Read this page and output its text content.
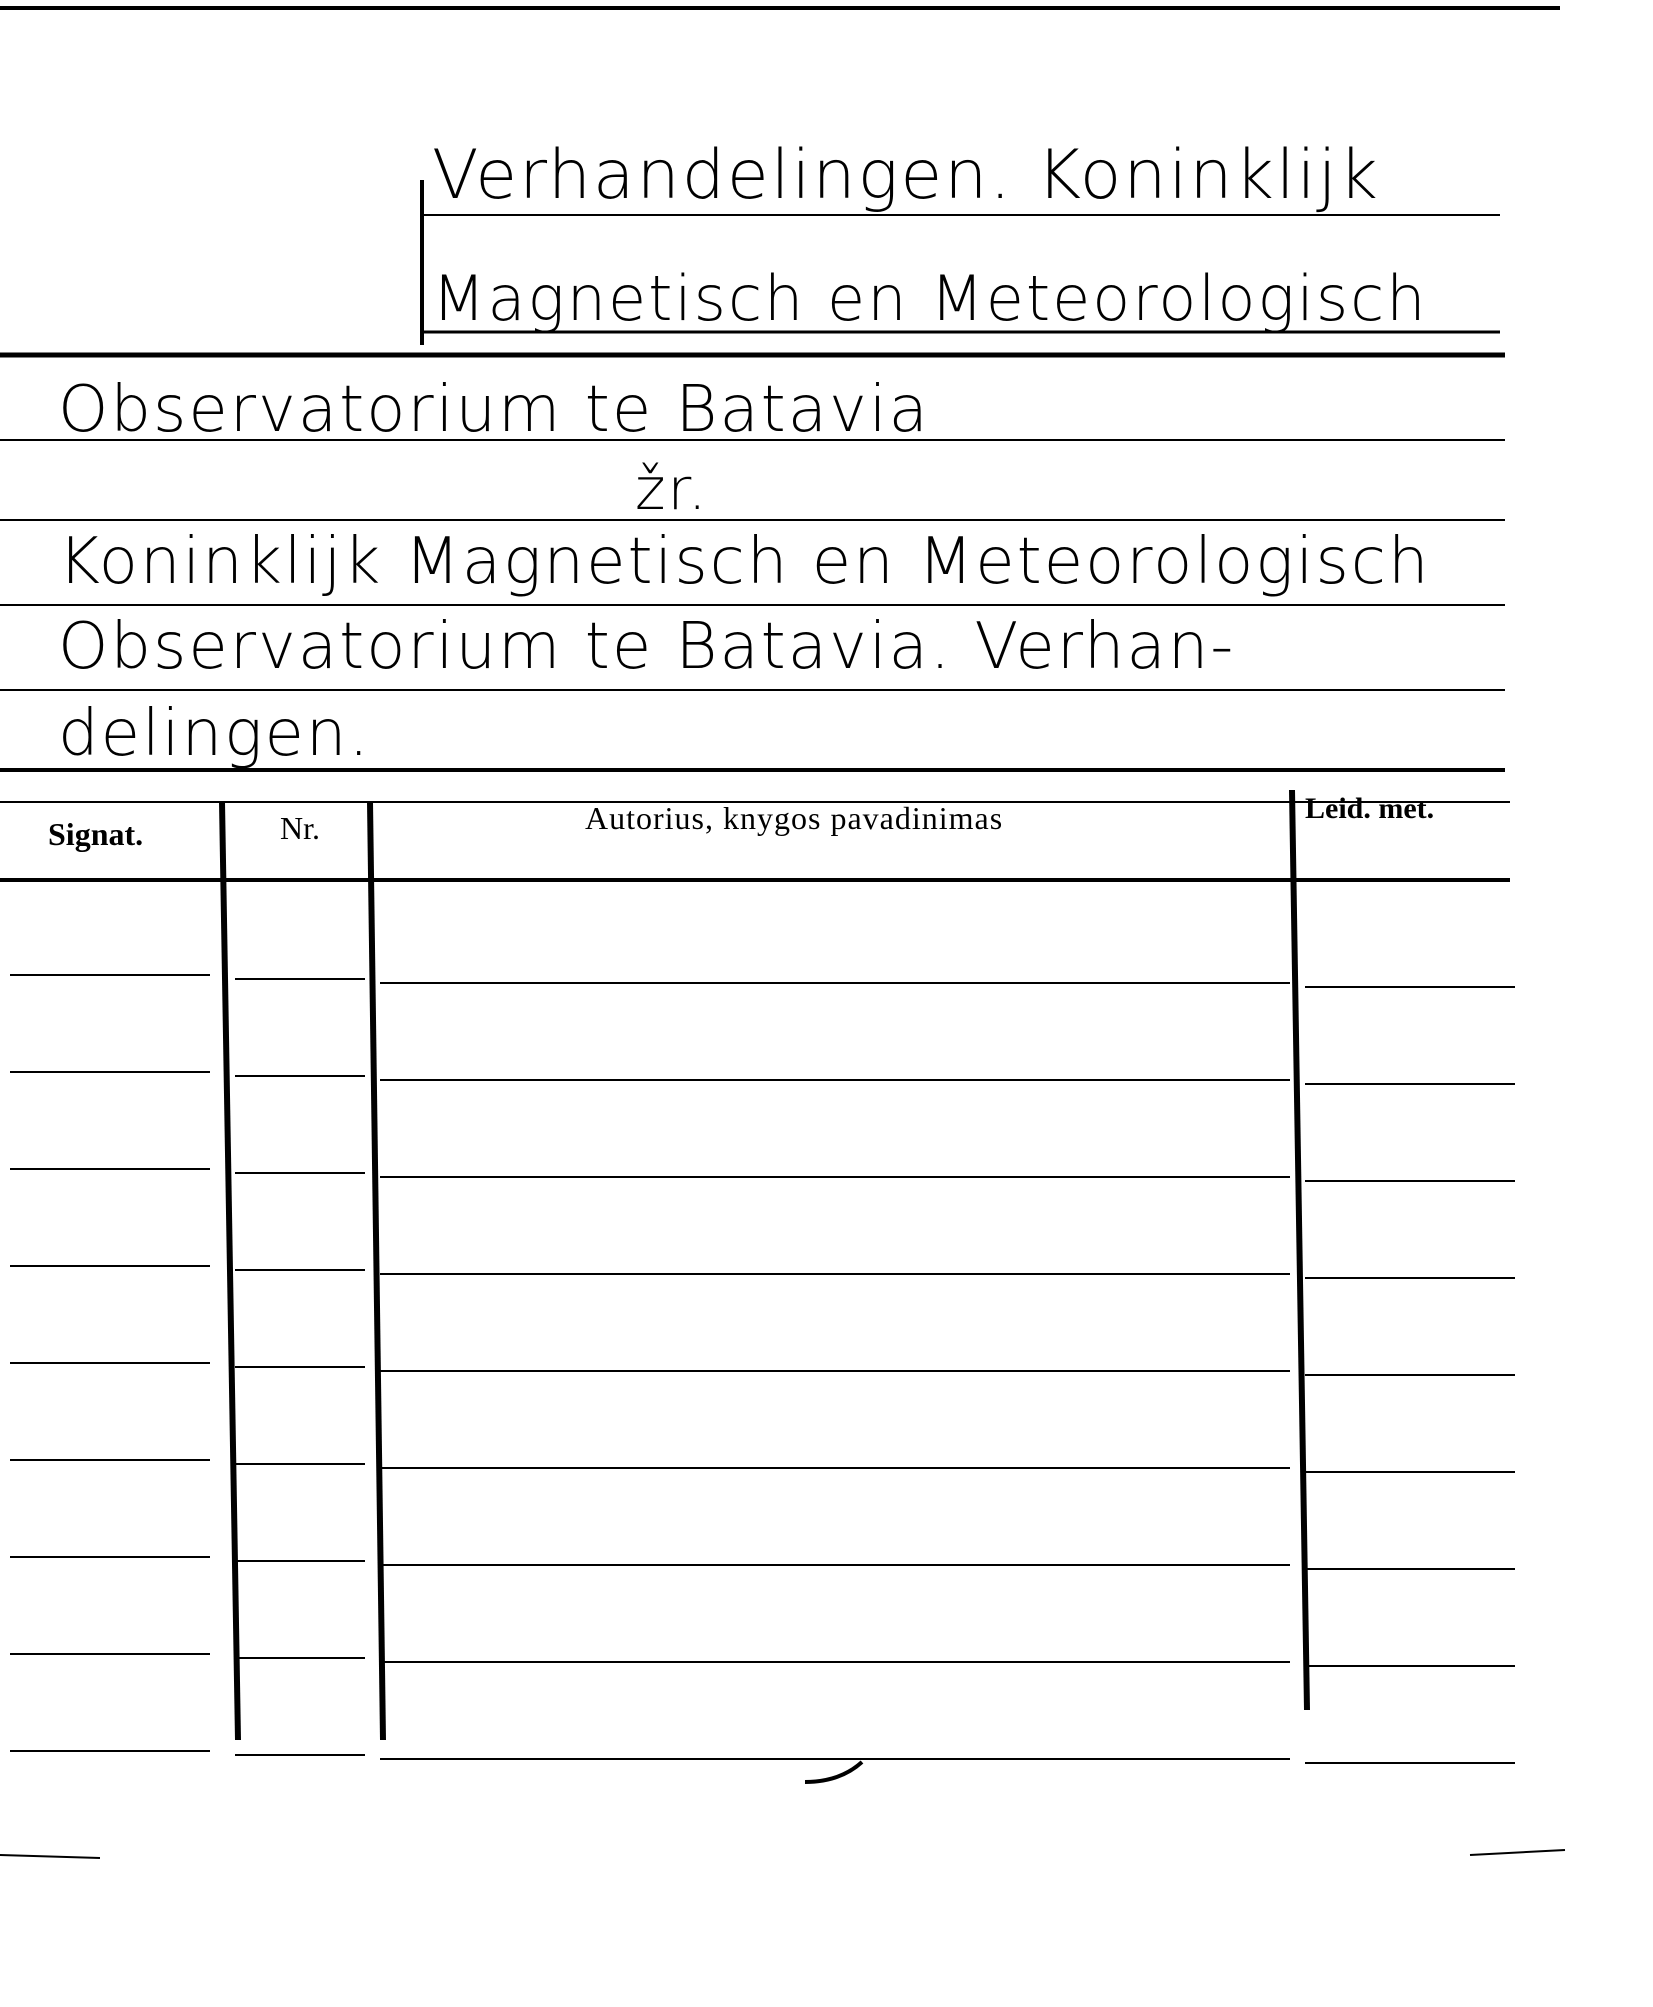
Verhandelingen. Koninklijk
Magnetisch en Meteorologisch
Observatorium te Batavia
žr.
Koninklijk Magnetisch en Meteorologisch
Observatorium te Batavia. Verhan-
delingen.
Signat.	Nr.	Autorius, knygos pavadinimas	Leid. met.
